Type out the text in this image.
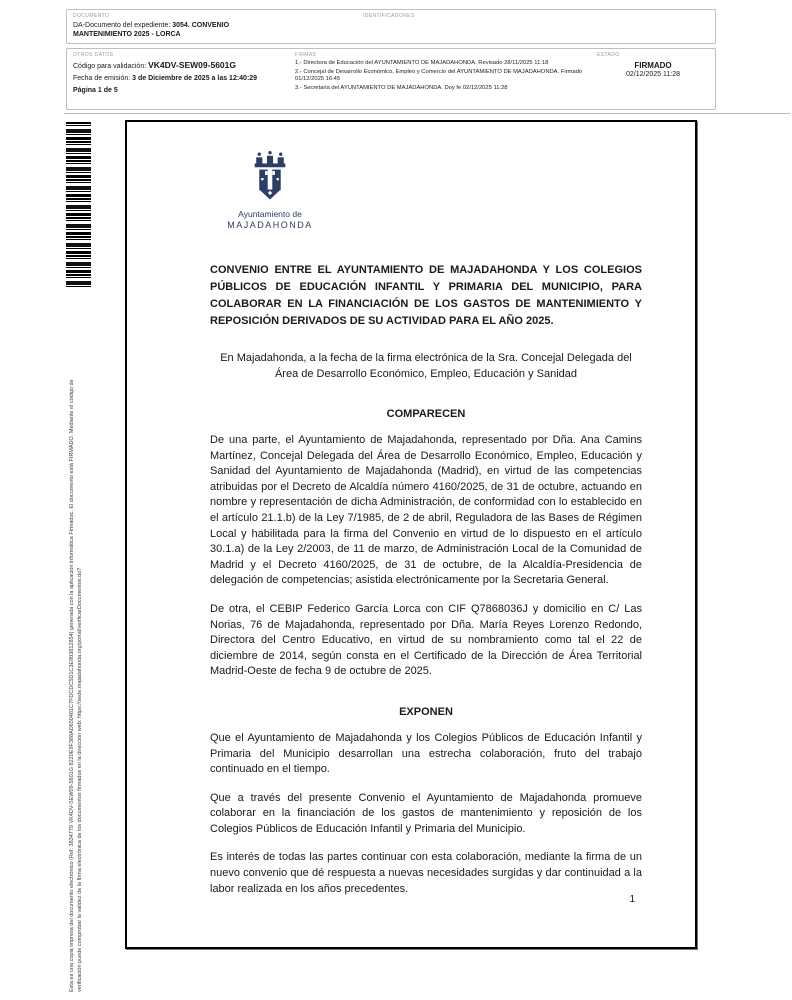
DOCUMENTO
DA-Documento del expediente: 3054. CONVENIO MANTENIMIENTO 2025 - LORCA
IDENTIFICADORES
OTROS DATOS
Código para validación: VK4DV-SEW09-5601G
Fecha de emisión: 3 de Diciembre de 2025 a las 12:40:29
Página 1 de 5
FIRMAS
1.- Directora de Educación del AYUNTAMIENTO DE MAJADAHONDA. Revisado 28/11/2025 11:18
2.- Concejal de Desarrollo Económico, Empleo y Comercio del AYUNTAMIENTO DE MAJADAHONDA. Firmado 01/12/2025 16:45
3.- Secretaria del AYUNTAMIENTO DE MAJADAHONDA. Doy fe 02/12/2025 11:28
ESTADO
FIRMADO
02/12/2025 11:28
Esta es una copia impresa del documento electrónico (Ref: 3834779 VK4DV-SEW09-5601G 8220E9F388AD650481C7FDCDC5D1C3E803812854) generada con la aplicación informática Firmadoc. El documento está FIRMADO. Mediante el código de verificación puede comprobar la validez de la firma electrónica de los documentos firmados en la dirección web: https://sede.majadahonda.org/portal/verificarDocumentos.do?
Ayuntamiento de
MAJADAHONDA
CONVENIO ENTRE EL AYUNTAMIENTO DE MAJADAHONDA Y LOS COLEGIOS PÚBLICOS DE EDUCACIÓN INFANTIL Y PRIMARIA DEL MUNICIPIO, PARA COLABORAR EN LA FINANCIACIÓN DE LOS GASTOS DE MANTENIMIENTO Y REPOSICIÓN DERIVADOS DE SU ACTIVIDAD PARA EL AÑO 2025.
En Majadahonda, a la fecha de la firma electrónica de la Sra. Concejal Delegada del Área de Desarrollo Económico, Empleo, Educación y Sanidad
COMPARECEN
De una parte, el Ayuntamiento de Majadahonda, representado por Dña. Ana Camins Martínez, Concejal Delegada del Área de Desarrollo Económico, Empleo, Educación y Sanidad del Ayuntamiento de Majadahonda (Madrid), en virtud de las competencias atribuidas por el Decreto de Alcaldía número 4160/2025, de 31 de octubre, actuando en nombre y representación de dicha Administración, de conformidad con lo establecido en el artículo 21.1.b) de la Ley 7/1985, de 2 de abril, Reguladora de las Bases de Régimen Local y habilitada para la firma del Convenio en virtud de lo dispuesto en el artículo 30.1.a) de la Ley 2/2003, de 11 de marzo, de Administración Local de la Comunidad de Madrid y el Decreto 4160/2025, de 31 de octubre, de la Alcaldía-Presidencia de delegación de competencias; asistida electrónicamente por la Secretaria General.
De otra, el CEBIP Federico García Lorca con CIF Q7868036J y domicilio en C/ Las Norias, 76 de Majadahonda, representado por Dña. María Reyes Lorenzo Redondo, Directora del Centro Educativo, en virtud de su nombramiento como tal el 22 de diciembre de 2014, según consta en el Certificado de la Dirección de Área Territorial Madrid-Oeste de fecha 9 de octubre de 2025.
EXPONEN
Que el Ayuntamiento de Majadahonda y los Colegios Públicos de Educación Infantil y Primaria del Municipio desarrollan una estrecha colaboración, fruto del trabajo continuado en el tiempo.
Que a través del presente Convenio el Ayuntamiento de Majadahonda promueve colaborar en la financiación de los gastos de mantenimiento y reposición de los Colegios Públicos de Educación Infantil y Primaria del Municipio.
Es interés de todas las partes continuar con esta colaboración, mediante la firma de un nuevo convenio que dé respuesta a nuevas necesidades surgidas y dar continuidad a la labor realizada en los años precedentes.
1
